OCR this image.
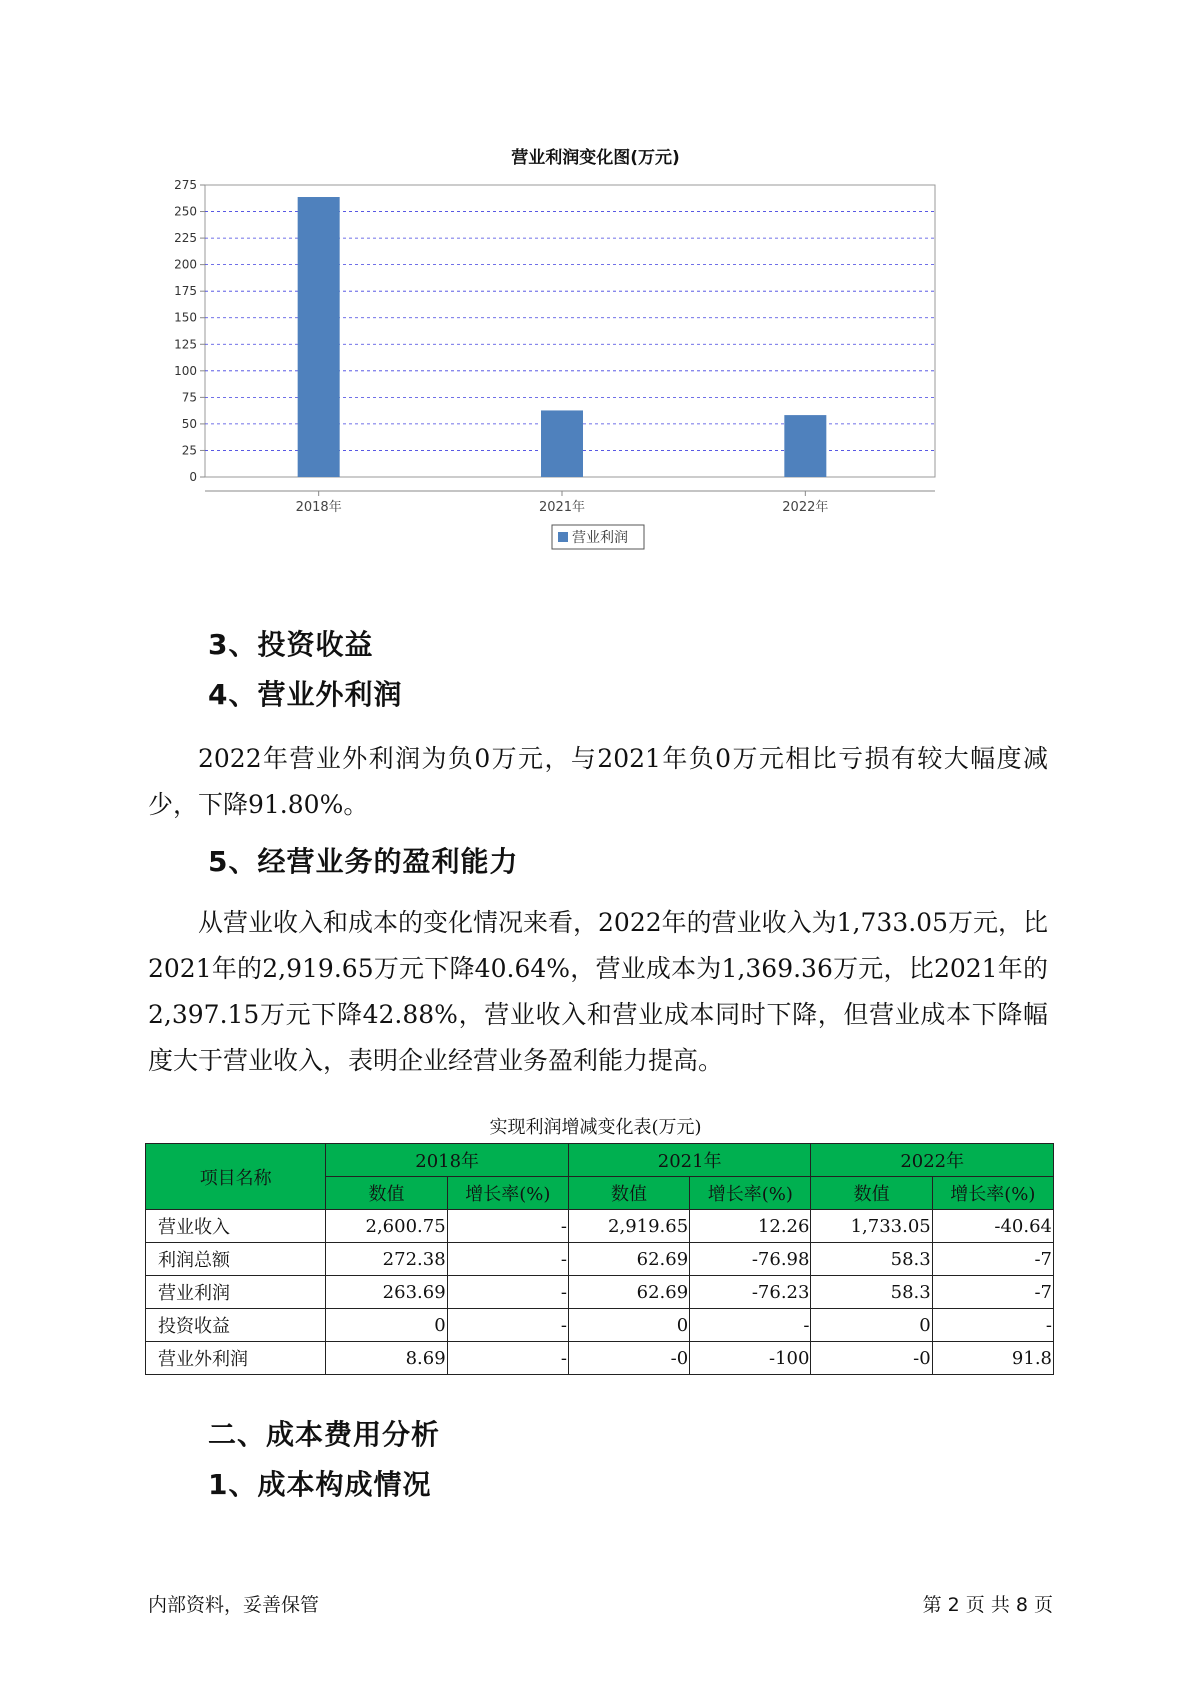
营业利润变化图(万元)
0
25
50
75
100
125
150
175
200
225
250
275
2018年	2021年	2022年
营业利润
3、投资收益
4、营业外利润
2022年营业外利润为负0万元，与2021年负0万元相比亏损有较大幅度减少，下降91.80%。
5、经营业务的盈利能力
从营业收入和成本的变化情况来看，2022年的营业收入为1,733.05万元，比2021年的2,919.65万元下降40.64%，营业成本为1,369.36万元，比2021年的2,397.15万元下降42.88%，营业收入和营业成本同时下降，但营业成本下降幅度大于营业收入，表明企业经营业务盈利能力提高。
实现利润增减变化表(万元)
项目名称	2018年		2021年		2022年	
	数值	增长率(%)	数值	增长率(%)	数值	增长率(%)
营业收入	2,600.75	-	2,919.65	12.26	1,733.05	-40.64
利润总额	272.38	-	62.69	-76.98	58.3	-7
营业利润	263.69	-	62.69	-76.23	58.3	-7
投资收益	0	-	0	-	0	-
营业外利润	8.69	-	-0	-100	-0	91.8
二、成本费用分析
1、成本构成情况
内部资料，妥善保管	第 2 页 共 8 页
